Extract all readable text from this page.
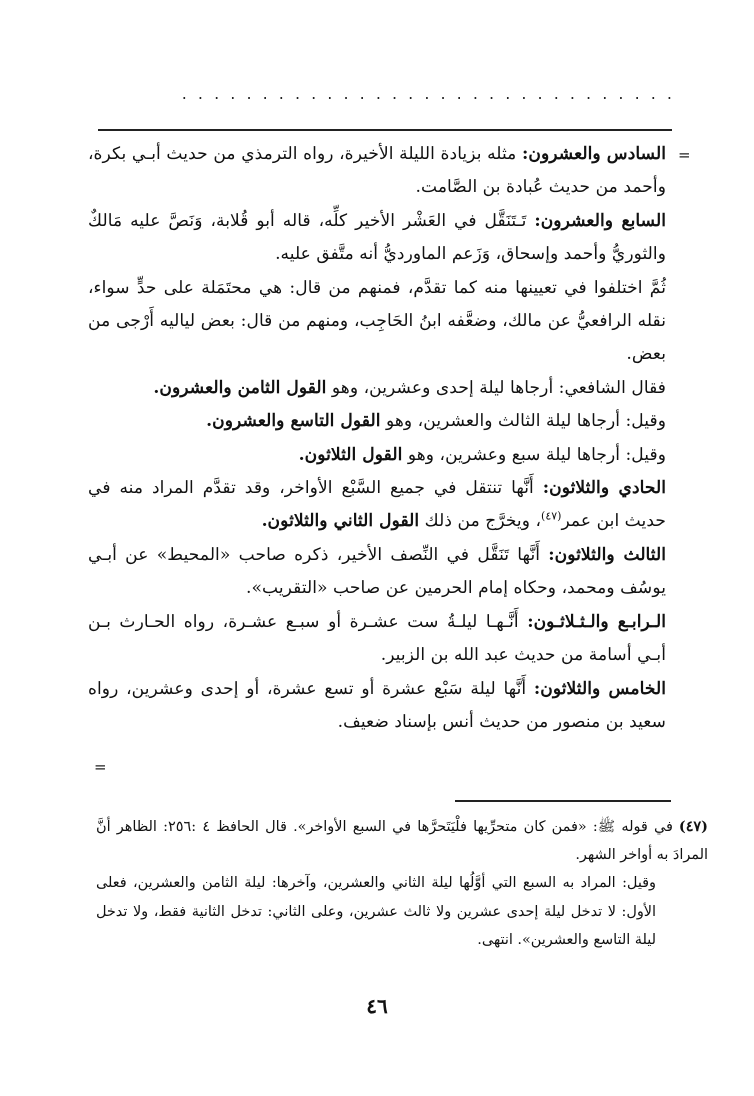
. . . . . . . . . . . . . . . . . . . . . . . . . . . . . . .
=

السادس والعشرون: مثله بزيادة الليلة الأخيرة، رواه الترمذي من حديث أبـي بكرة، وأحمد من حديث عُبادة بن الصَّامت.

السابع والعشرون: تَـتَنَقَّل في العَشْر الأخير كلِّه، قاله أبو قُلابة، وَنَصَّ عليه مَالكٌ والثوريُّ وأحمد وإسحاق، وَزَعم الماورديُّ أنه متَّفق عليه.

ثُمَّ اختلفوا في تعيينها منه كما تقدَّم، فمنهم من قال: هي محتَمَلة على حدٍّ سواء، نقله الرافعيُّ عن مالك، وضعَّفه ابنُ الحَاجِب، ومنهم من قال: بعض لياليه أَرْجى من بعض.

فقال الشافعي: أرجاها ليلة إحدى وعشرين، وهو القول الثامن والعشرون.

وقيل: أرجاها ليلة الثالث والعشرين، وهو القول التاسع والعشرون.

وقيل: أرجاها ليلة سبع وعشرين، وهو القول الثلاثون.

الحادي والثلاثون: أَنَّها تنتقل في جميع السَّبْع الأواخر، وقد تقدَّم المراد منه في حديث ابن عمر$^{(٤٧)}$، ويخرَّج من ذلك القول الثاني والثلاثون.

الثالث والثلاثون: أَنَّها تَنَقَّل في النِّصف الأخير، ذكره صاحب «المحيط» عن أبـي يوسُف ومحمد، وحكاه إمام الحرمين عن صاحب «التقريب».

الـرابـع والـثـلاثـون: أَنَّـهـا ليلـةُ ست عشـرة أو سبـع عشـرة، رواه الحـارث بـن أبـي أسامة من حديث عبد الله بن الزبير.

الخامس والثلاثون: أَنَّها ليلة سَبْع عشرة أو تسع عشرة، أو إحدى وعشرين، رواه سعيد بن منصور من حديث أنس بإسناد ضعيف.

=

(٤٧)في قوله ﷺ: «فمن كان متحرِّيها فلْيَتَحرَّها في السبع الأواخر». قال الحافظ ٤ :٢٥٦: الظاهر أنَّ المرادَ به أواخر الشهر.

وقيل: المراد به السبع التي أوَّلُها ليلة الثاني والعشرين، وآخرها: ليلة الثامن والعشرين، فعلى الأول: لا تدخل ليلة إحدى عشرين ولا ثالث عشرين، وعلى الثاني: تدخل الثانية فقط، ولا تدخل ليلة التاسع والعشرين». انتهى.

٤٦
